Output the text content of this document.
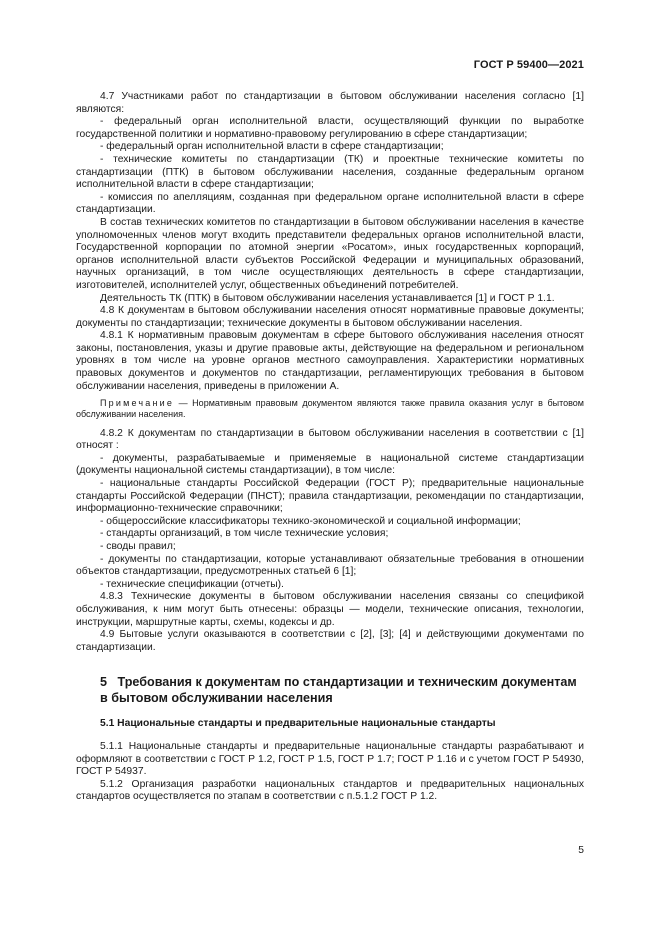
ГОСТ Р 59400—2021

4.7 Участниками работ по стандартизации в бытовом обслуживании населения согласно [1] являются:

- федеральный орган исполнительной власти, осуществляющий функции по выработке государственной политики и нормативно-правовому регулированию в сфере стандартизации;

- федеральный орган исполнительной власти в сфере стандартизации;

- технические комитеты по стандартизации (ТК) и проектные технические комитеты по стандартизации (ПТК) в бытовом обслуживании населения, созданные федеральным органом исполнительной власти в сфере стандартизации;

- комиссия по апелляциям, созданная при федеральном органе исполнительной власти в сфере стандартизации.

В состав технических комитетов по стандартизации в бытовом обслуживании населения в качестве уполномоченных членов могут входить представители федеральных органов исполнительной власти, Государственной корпорации по атомной энергии «Росатом», иных государственных корпораций, органов исполнительной власти субъектов Российской Федерации и муниципальных образований, научных организаций, в том числе осуществляющих деятельность в сфере стандартизации, изготовителей, исполнителей услуг, общественных объединений потребителей.

Деятельность ТК (ПТК) в бытовом обслуживании населения устанавливается [1] и ГОСТ Р 1.1.

4.8 К документам в бытовом обслуживании населения относят нормативные правовые документы; документы по стандартизации; технические документы в бытовом обслуживании населения.

4.8.1 К нормативным правовым документам в сфере бытового обслуживания населения относят законы, постановления, указы и другие правовые акты, действующие на федеральном и региональном уровнях в том числе на уровне органов местного самоуправления. Характеристики нормативных правовых документов и документов по стандартизации, регламентирующих требования в бытовом обслуживании населения, приведены в приложении А.

Примечание — Нормативным правовым документом являются также правила оказания услуг в бытовом обслуживании населения.

4.8.2 К документам по стандартизации в бытовом обслуживании населения в соответствии с [1] относят :

- документы, разрабатываемые и применяемые в национальной системе стандартизации (документы национальной системы стандартизации), в том числе:

- национальные стандарты Российской Федерации (ГОСТ Р); предварительные национальные стандарты Российской Федерации (ПНСТ); правила стандартизации, рекомендации по стандартизации, информационно-технические справочники;

- общероссийские классификаторы технико-экономической и социальной информации;

- стандарты организаций, в том числе технические условия;

- своды правил;

- документы по стандартизации, которые устанавливают обязательные требования в отношении объектов стандартизации, предусмотренных статьей 6 [1];

- технические спецификации (отчеты).

4.8.3 Технические документы в бытовом обслуживании населения связаны со спецификой обслуживания, к ним могут быть отнесены: образцы — модели, технические описания, технологии, инструкции, маршрутные карты, схемы, кодексы и др.

4.9 Бытовые услуги оказываются в соответствии с [2], [3]; [4] и действующими документами по стандартизации.

5 Требования к документам по стандартизации и техническим документам
в бытовом обслуживании населения
5.1 Национальные стандарты и предварительные национальные стандарты

5.1.1 Национальные стандарты и предварительные национальные стандарты разрабатывают и оформляют в соответствии с ГОСТ Р 1.2, ГОСТ Р 1.5, ГОСТ Р 1.7; ГОСТ Р 1.16 и с учетом ГОСТ Р 54930, ГОСТ Р 54937.

5.1.2 Организация разработки национальных стандартов и предварительных национальных стандартов осуществляется по этапам в соответствии с п.5.1.2 ГОСТ Р 1.2.

5
